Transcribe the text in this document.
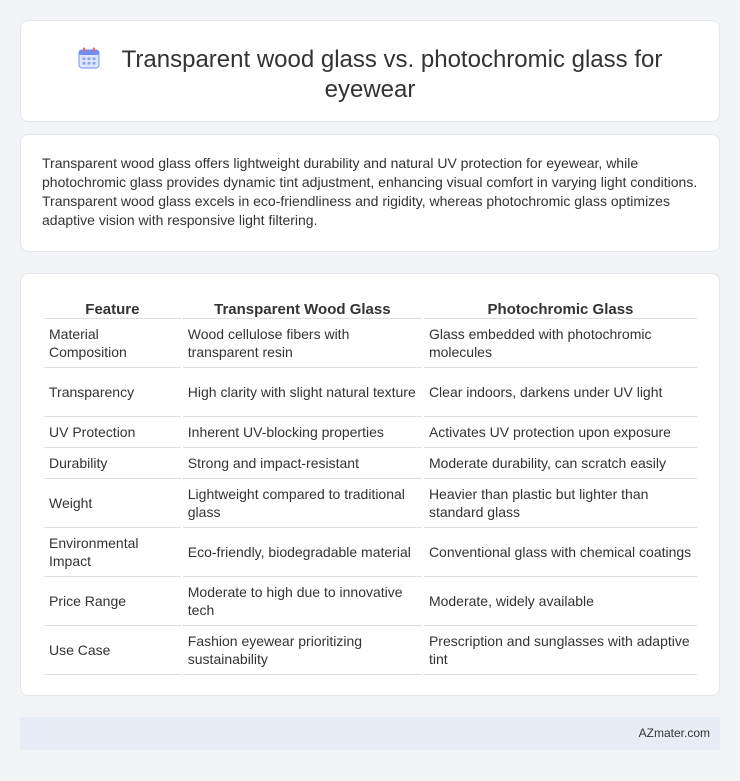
Transparent wood glass vs. photochromic glass for eyewear

Transparent wood glass offers lightweight durability and natural UV protection for eyewear, while photochromic glass provides dynamic tint adjustment, enhancing visual comfort in varying light conditions. Transparent wood glass excels in eco-friendliness and rigidity, whereas photochromic glass optimizes adaptive vision with responsive light filtering.

Feature	Transparent Wood Glass	Photochromic Glass
Material Composition	Wood cellulose fibers with transparent resin	Glass embedded with photochromic molecules
Transparency	High clarity with slight natural texture	Clear indoors, darkens under UV light
UV Protection	Inherent UV-blocking properties	Activates UV protection upon exposure
Durability	Strong and impact-resistant	Moderate durability, can scratch easily
Weight	Lightweight compared to traditional glass	Heavier than plastic but lighter than standard glass
Environmental Impact	Eco-friendly, biodegradable material	Conventional glass with chemical coatings
Price Range	Moderate to high due to innovative tech	Moderate, widely available
Use Case	Fashion eyewear prioritizing sustainability	Prescription and sunglasses with adaptive tint
AZmater.com
